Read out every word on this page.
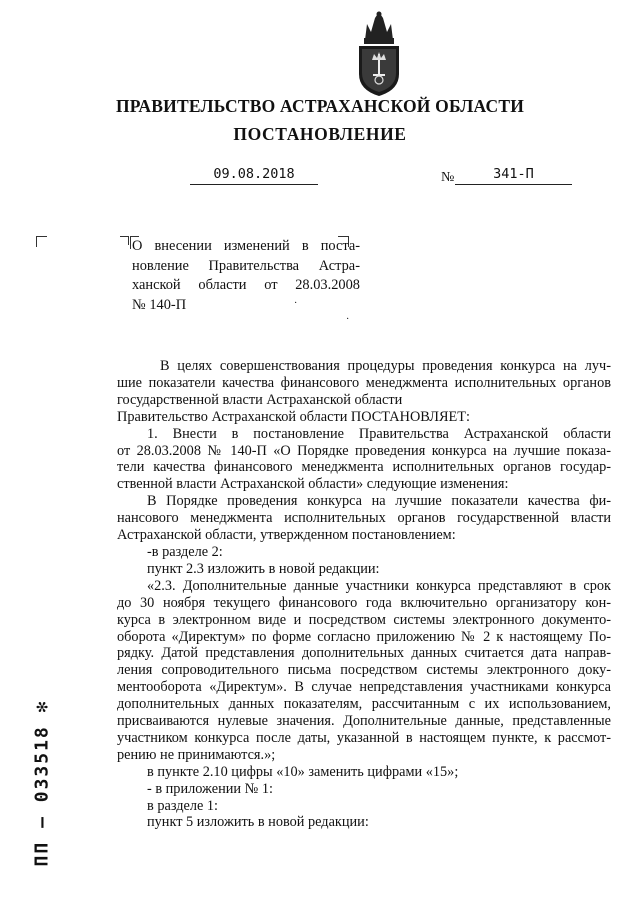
ПРАВИТЕЛЬСТВО АСТРАХАНСКОЙ ОБЛАСТИ
ПОСТАНОВЛЕНИЕ
09.08.2018	№	341-П
О внесении изменений в поста-
новление Правительства Астра-
ханской области от 28.03.2008
№ 140-П	·
·

В целях совершенствования процедуры проведения конкурса на луч-

шие показатели качества финансового менеджмента исполнительных органов

государственной власти Астраханской области

Правительство Астраханской области ПОСТАНОВЛЯЕТ:

1. Внести в постановление Правительства Астраханской области

от 28.03.2008 № 140-П «О Порядке проведения конкурса на лучшие показа-

тели качества финансового менеджмента исполнительных органов государ-

ственной власти Астраханской области» следующие изменения:

В Порядке проведения конкурса на лучшие показатели качества фи-

нансового менеджмента исполнительных органов государственной власти

Астраханской области, утвержденном постановлением:

-в разделе 2:

пункт 2.3 изложить в новой редакции:

«2.3. Дополнительные данные участники конкурса представляют в срок

до 30 ноября текущего финансового года включительно организатору кон-

курса в электронном виде и посредством системы электронного документо-

оборота «Директум» по форме согласно приложению № 2 к настоящему По-

рядку. Датой представления дополнительных данных считается дата направ-

ления сопроводительного письма посредством системы электронного доку-

ментооборота «Директум». В случае непредставления участниками конкурса

дополнительных данных показателям, рассчитанным с их использованием,

присваиваются нулевые значения. Дополнительные данные, представленные

участником конкурса после даты, указанной в настоящем пункте, к рассмот-

рению не принимаются.»;

в пункте 2.10 цифры «10» заменить цифрами «15»;

- в приложении № 1:

в разделе 1:

пункт 5 изложить в новой редакции:

ПП – 033518 ✻
